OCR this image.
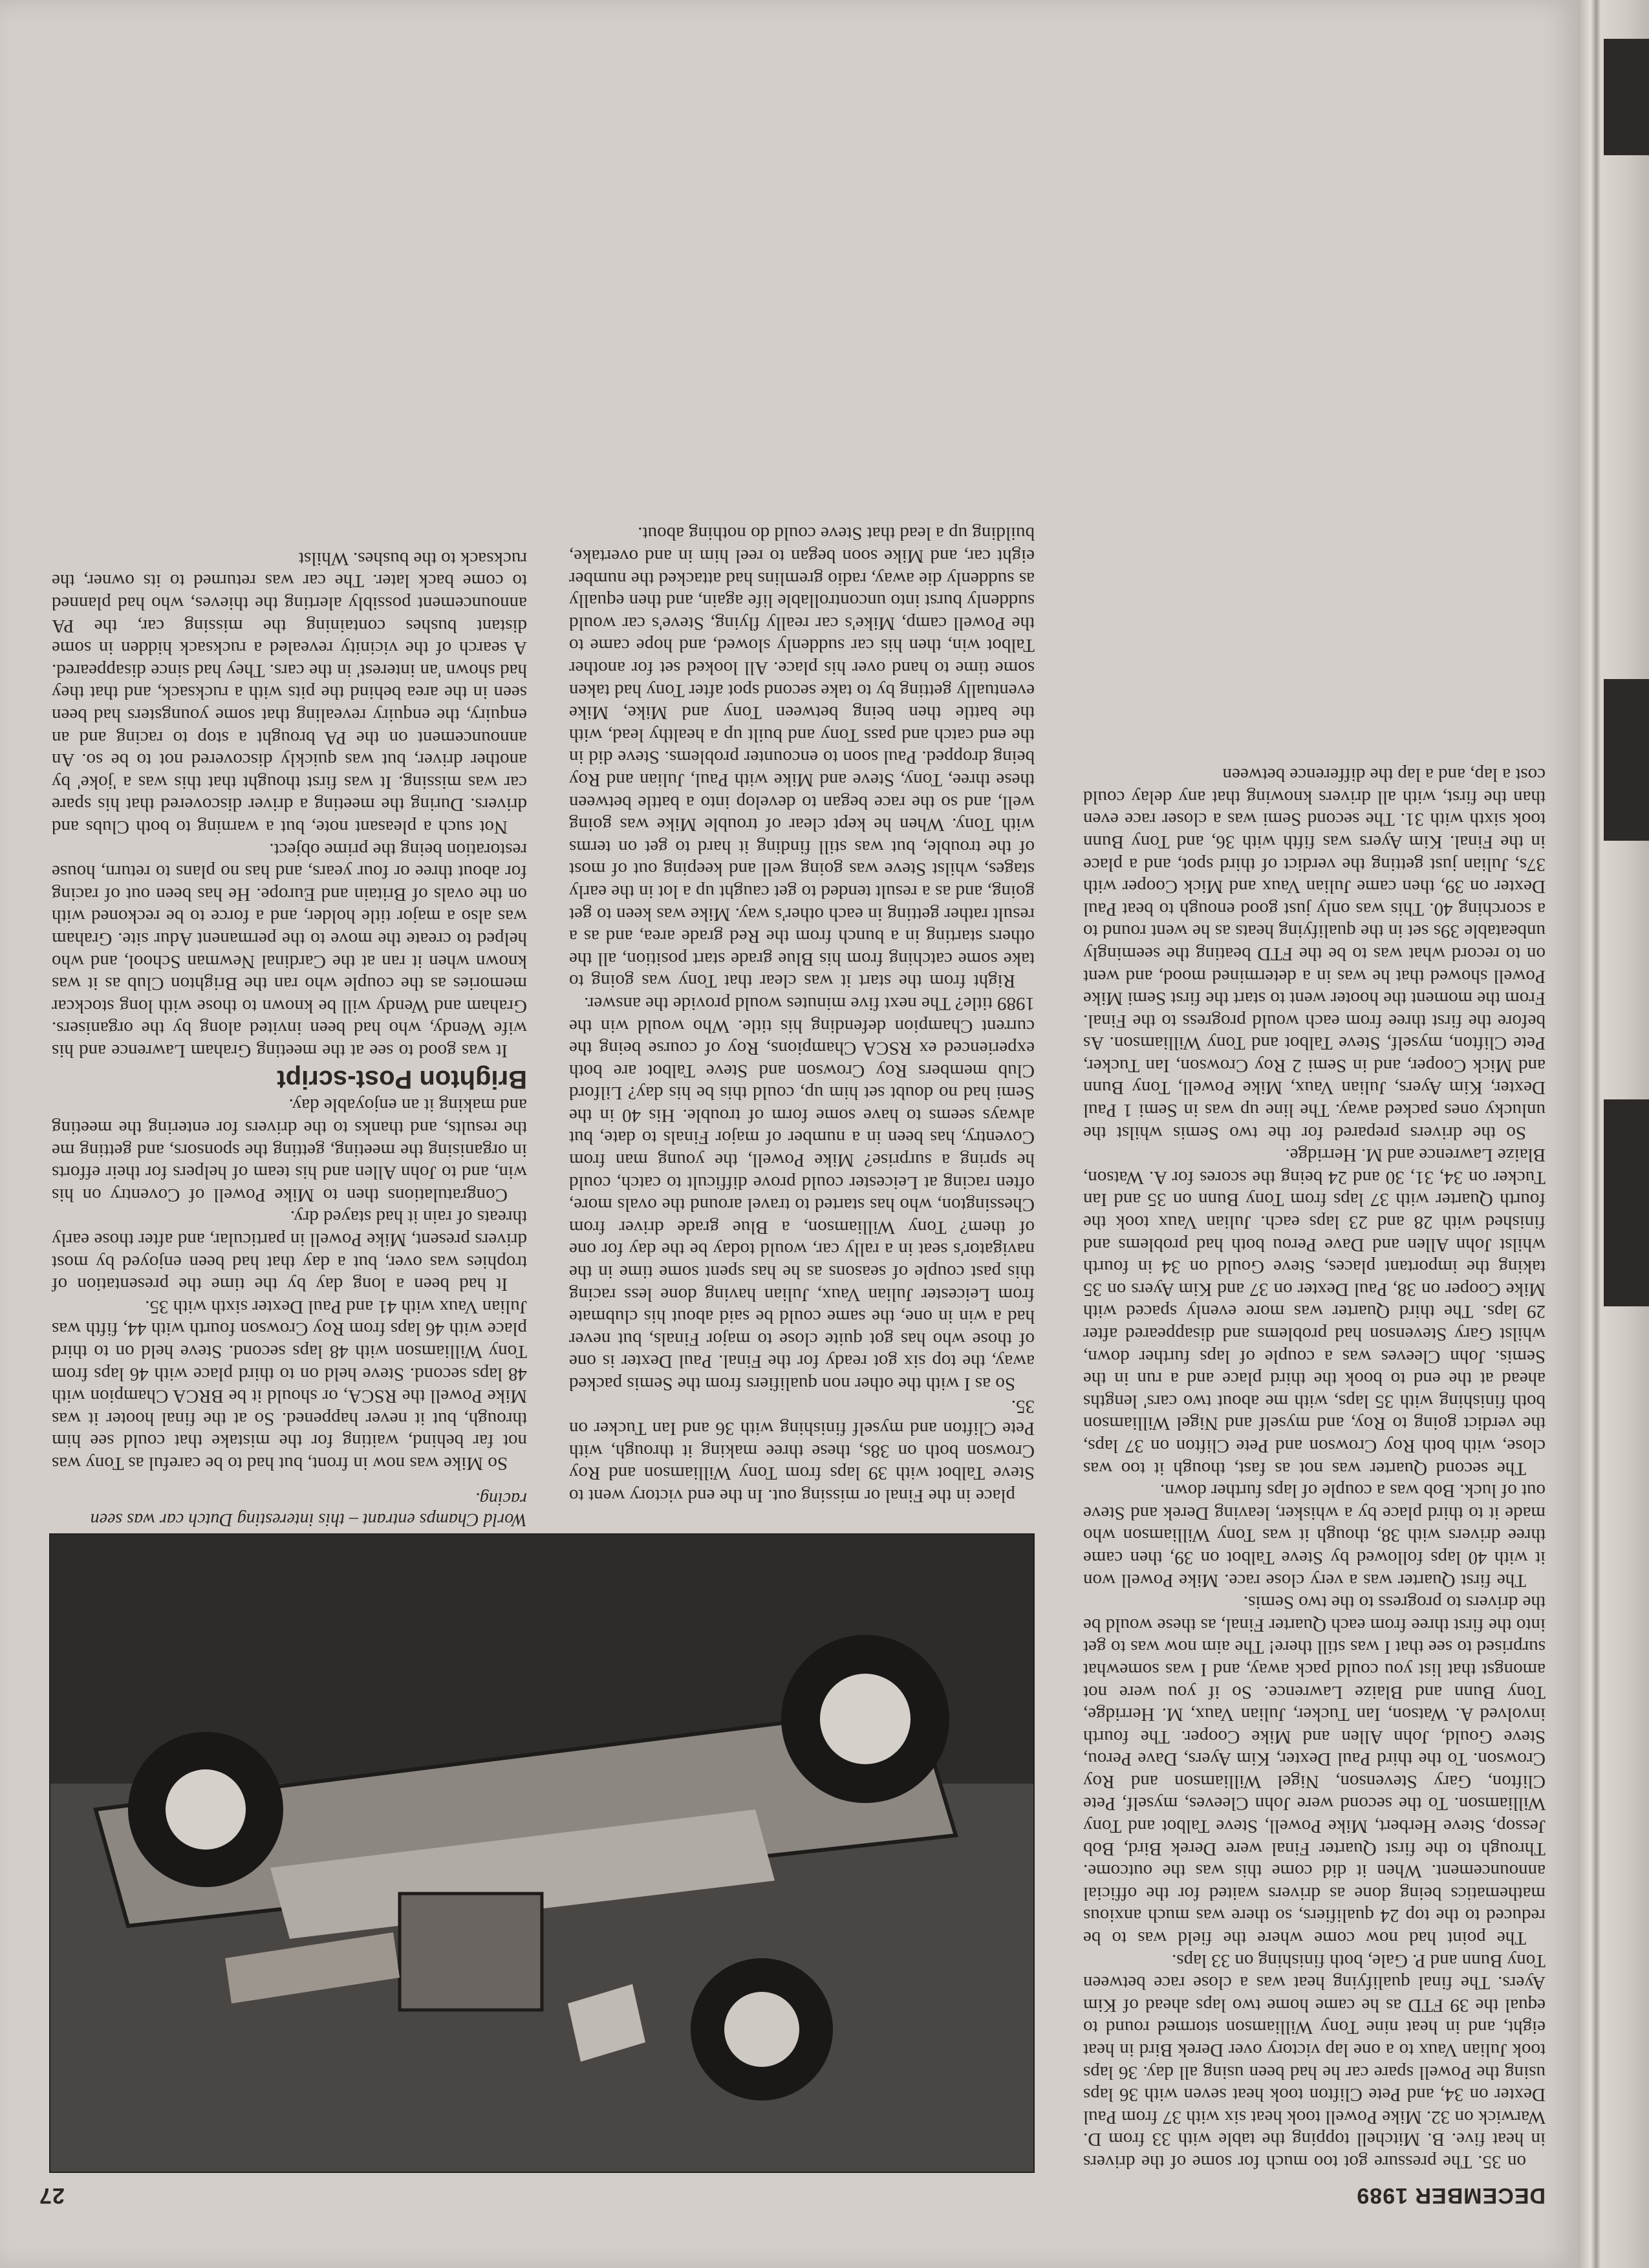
DECEMBER 1989
27

on 35. The pressure got too much for some of the drivers in heat five. B. Mitchell topping the table with 33 from D. Warwick on 32. Mike Powell took heat six with 37 from Paul Dexter on 34, and Pete Clifton took heat seven with 36 laps using the Powell spare car he had been using all day. 36 laps took Julian Vaux to a one lap victory over Derek Bird in heat eight, and in heat nine Tony Williamson stormed round to equal the 39 FTD as he came home two laps ahead of Kim Ayers. The final qualifying heat was a close race between Tony Bunn and P. Gale, both finishing on 33 laps.

The point had now come where the field was to be reduced to the top 24 qualifiers, so there was much anxious mathematics being done as drivers waited for the official announcement. When it did come this was the outcome. Through to the first Quarter Final were Derek Bird, Bob Jessop, Steve Herbert, Mike Powell, Steve Talbot and Tony Williamson. To the second were John Cleeves, myself, Pete Clifton, Gary Stevenson, Nigel Williamson and Roy Crowson. To the third Paul Dexter, Kim Ayers, Dave Perou, Steve Gould, John Allen and Mike Cooper. The fourth involved A. Watson, Ian Tucker, Julian Vaux, M. Herridge, Tony Bunn and Blaize Lawrence. So if you were not amongst that list you could pack away, and I was somewhat surprised to see that I was still there! The aim now was to get into the first three from each Quarter Final, as these would be the drivers to progress to the two Semis.

The first Quarter was a very close race. Mike Powell won it with 40 laps followed by Steve Talbot on 39, then came three drivers with 38, though it was Tony Williamson who made it to third place by a whisker, leaving Derek and Steve out of luck. Bob was a couple of laps further down.

The second Quarter was not as fast, though it too was close, with both Roy Crowson and Pete Clifton on 37 laps, the verdict going to Roy, and myself and Nigel Williamson both finishing with 35 laps, with me about two cars' lengths ahead at the end to book the third place and a run in the Semis. John Cleeves was a couple of laps further down, whilst Gary Stevenson had problems and disappeared after 29 laps. The third Quarter was more evenly spaced with Mike Cooper on 38, Paul Dexter on 37 and Kim Ayers on 35 taking the important places, Steve Gould on 34 in fourth whilst John Allen and Dave Perou both had problems and finished with 28 and 23 laps each. Julian Vaux took the fourth Quarter with 37 laps from Tony Bunn on 35 and Ian Tucker on 34, 31, 30 and 24 being the scores for A. Watson, Blaize Lawrence and M. Herridge.

So the drivers prepared for the two Semis whilst the unlucky ones packed away. The line up was in Semi 1 Paul Dexter, Kim Ayers, Julian Vaux, Mike Powell, Tony Bunn and Mick Cooper, and in Semi 2 Roy Crowson, Ian Tucker, Pete Clifton, myself, Steve Talbot and Tony Williamson. As before the first three from each would progress to the Final. From the moment the hooter went to start the first Semi Mike Powell showed that he was in a determined mood, and went on to record what was to be the FTD beating the seemingly unbeatable 39s set in the qualifying heats as he went round to a scorching 40. This was only just good enough to beat Paul Dexter on 39, then came Julian Vaux and Mick Cooper with 37s, Julian just getting the verdict of third spot, and a place in the Final. Kim Ayers was fifth with 36, and Tony Bunn took sixth with 31. The second Semi was a closer race even than the first, with all drivers knowing that any delay could cost a lap, and a lap the difference between

World Champs entrant – this interesting Dutch car was seen racing. place in the Final or missing out. In the end victory went to Steve Talbot with 39 laps from Tony Williamson and Roy Crowson both on 38s, these three making it through, with Pete Clifton and myself finishing with 36 and Ian Tucker on 35.

So as I with the other non qualifiers from the Semis packed away, the top six got ready for the Final. Paul Dexter is one of those who has got quite close to major Finals, but never had a win in one, the same could be said about his clubmate from Leicester Julian Vaux, Julian having done less racing this past couple of seasons as he has spent some time in the navigator's seat in a rally car, would today be the day for one of them? Tony Williamson, a Blue grade driver from Chessington, who has started to travel around the ovals more, often racing at Leicester could prove difficult to catch, could he spring a surprise? Mike Powell, the young man from Coventry, has been in a number of major Finals to date, but always seems to have some form of trouble. His 40 in the Semi had no doubt set him up, could this be his day? Lilford Club members Roy Crowson and Steve Talbot are both experienced ex RSCA Champions, Roy of course being the current Champion defending his title. Who would win the 1989 title? The next five minutes would provide the answer.

Right from the start it was clear that Tony was going to take some catching from his Blue grade start position, all the others starting in a bunch from the Red grade area, and as a result rather getting in each other's way. Mike was keen to get going, and as a result tended to get caught up a lot in the early stages, whilst Steve was going well and keeping out of most of the trouble, but was still finding it hard to get on terms with Tony. When he kept clear of trouble Mike was going well, and so the race began to develop into a battle between these three, Tony, Steve and Mike with Paul, Julian and Roy being dropped. Paul soon to encounter problems. Steve did in the end catch and pass Tony and built up a healthy lead, with the battle then being between Tony and Mike, Mike eventually getting by to take second spot after Tony had taken some time to hand over his place. All looked set for another Talbot win, then his car suddenly slowed, and hope came to the Powell camp, Mike's car really flying, Steve's car would suddenly burst into uncontrollable life again, and then equally as suddenly die away, radio gremlins had attacked the number eight car, and Mike soon began to reel him in and overtake, building up a lead that Steve could do nothing about.

So Mike was now in front, but had to be careful as Tony was not far behind, waiting for the mistake that could see him through, but it never happened. So at the final hooter it was Mike Powell the RSCA, or should it be BRCA Champion with 48 laps second. Steve held on to third place with 46 laps from Tony Williamson with 48 laps second. Steve held on to third place with 46 laps from Roy Crowson fourth with 44, fifth was Julian Vaux with 41 and Paul Dexter sixth with 35.

It had been a long day by the time the presentation of trophies was over, but a day that had been enjoyed by most drivers present, Mike Powell in particular, and after those early threats of rain it had stayed dry.

Congratulations then to Mike Powell of Coventry on his win, and to John Allen and his team of helpers for their efforts in organising the meeting, getting the sponsors, and getting me the results, and thanks to the drivers for entering the meeting and making it an enjoyable day.

Brighton Post-script

It was good to see at the meeting Graham Lawrence and his wife Wendy, who had been invited along by the organisers. Graham and Wendy will be known to those with long stockcar memories as the couple who ran the Brighton Club as it was known when it ran at the Cardinal Newman School, and who helped to create the move to the permanent Adur site. Graham was also a major title holder, and a force to be reckoned with on the ovals of Britain and Europe. He has been out of racing for about three or four years, and has no plans to return, house restoration being the prime object.

Not such a pleasant note, but a warning to both Clubs and drivers. During the meeting a driver discovered that his spare car was missing. It was first thought that this was a 'joke' by another driver, but was quickly discovered not to be so. An announcement on the PA brought a stop to racing and an enquiry, the enquiry revealing that some youngsters had been seen in the area behind the pits with a rucksack, and that they had shown 'an interest' in the cars. They had since disappeared. A search of the vicinity revealed a rucksack hidden in some distant bushes containing the missing car, the PA announcement possibly alerting the thieves, who had planned to come back later. The car was returned to its owner, the rucksack to the bushes. Whilst
